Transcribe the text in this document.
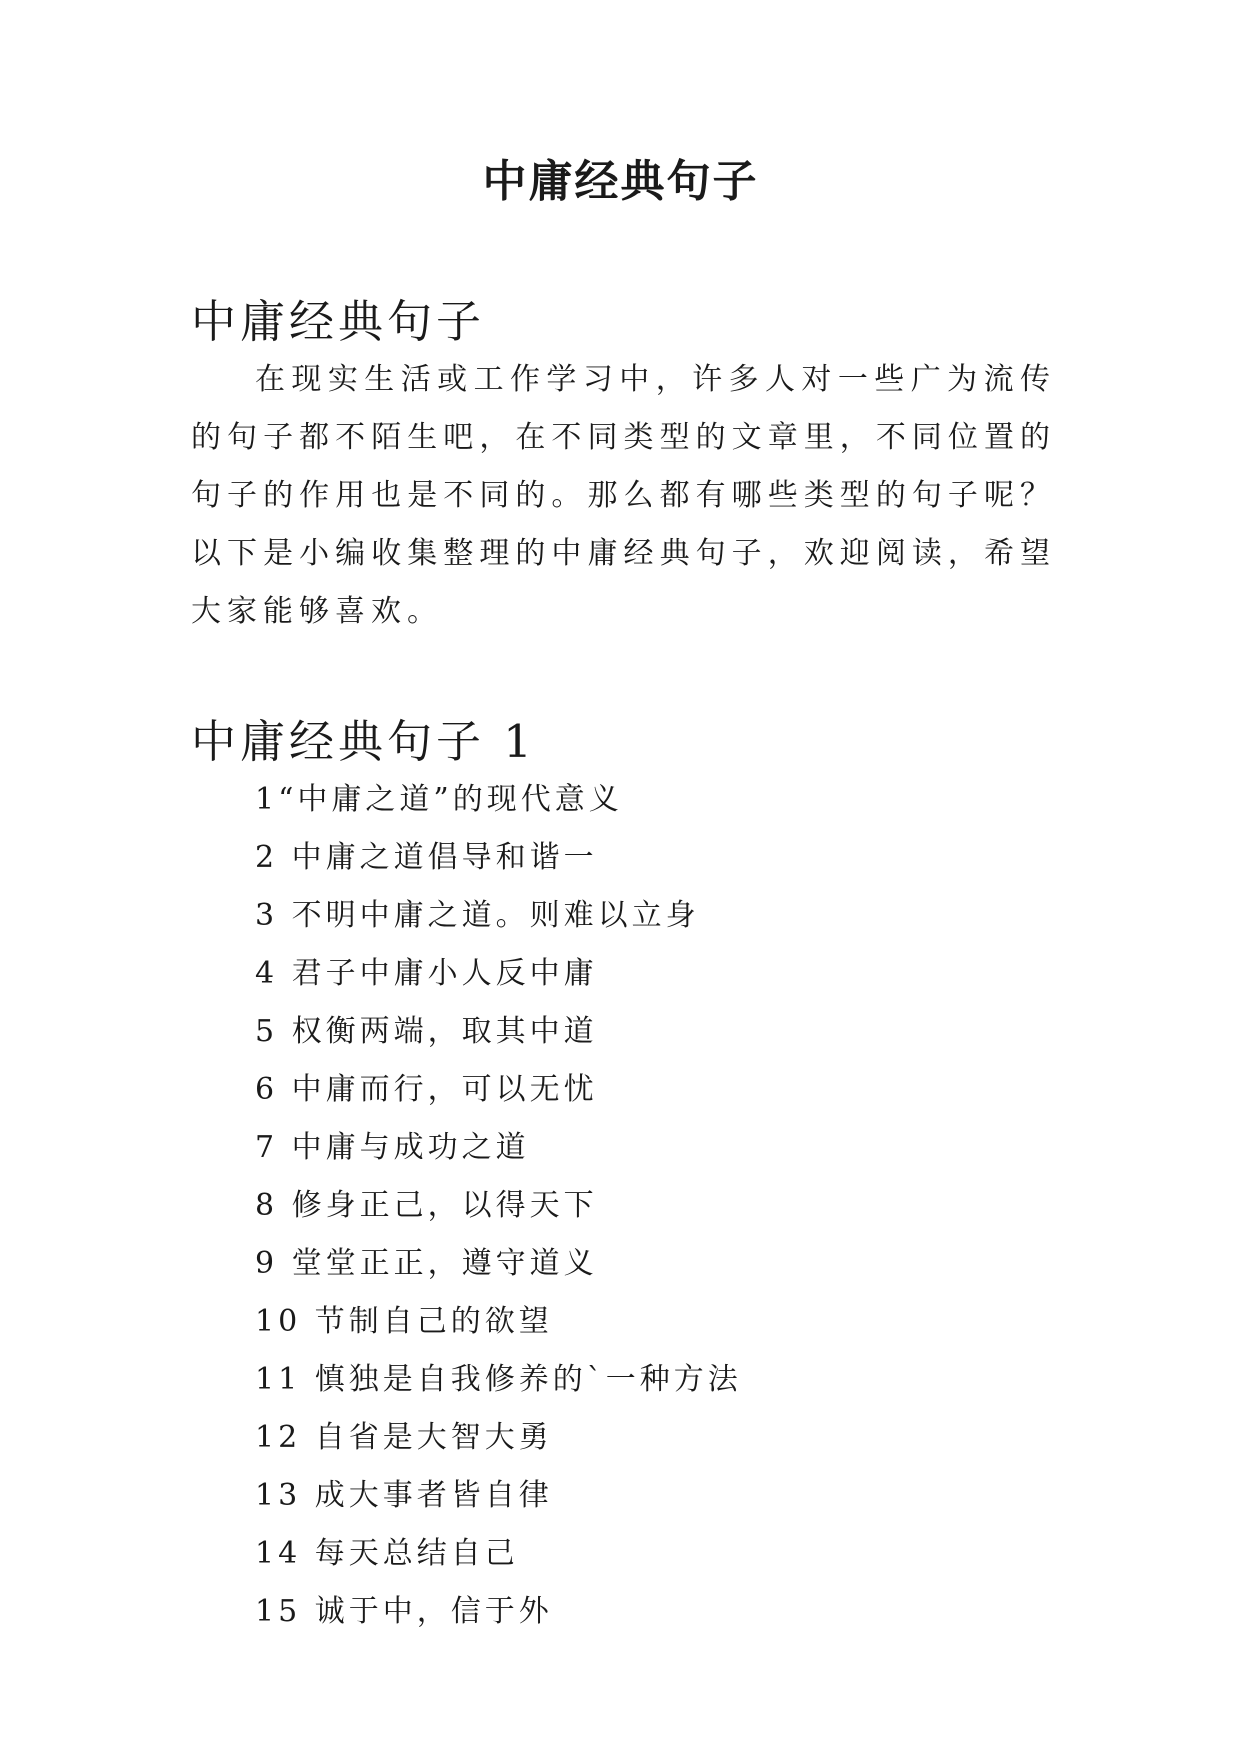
中庸经典句子
中庸经典句子

在现实生活或工作学习中，许多人对一些广为流传的句子都不陌生吧，在不同类型的文章里，不同位置的句子的作用也是不同的。那么都有哪些类型的句子呢？以下是小编收集整理的中庸经典句子，欢迎阅读，希望大家能够喜欢。

中庸经典句子 1
1“中庸之道”的现代意义
2 中庸之道倡导和谐一
3 不明中庸之道。则难以立身
4 君子中庸小人反中庸
5 权衡两端，取其中道
6 中庸而行，可以无忧
7 中庸与成功之道
8 修身正己，以得天下
9 堂堂正正，遵守道义
10 节制自己的欲望
11 慎独是自我修养的`一种方法
12 自省是大智大勇
13 成大事者皆自律
14 每天总结自己
15 诚于中，信于外
